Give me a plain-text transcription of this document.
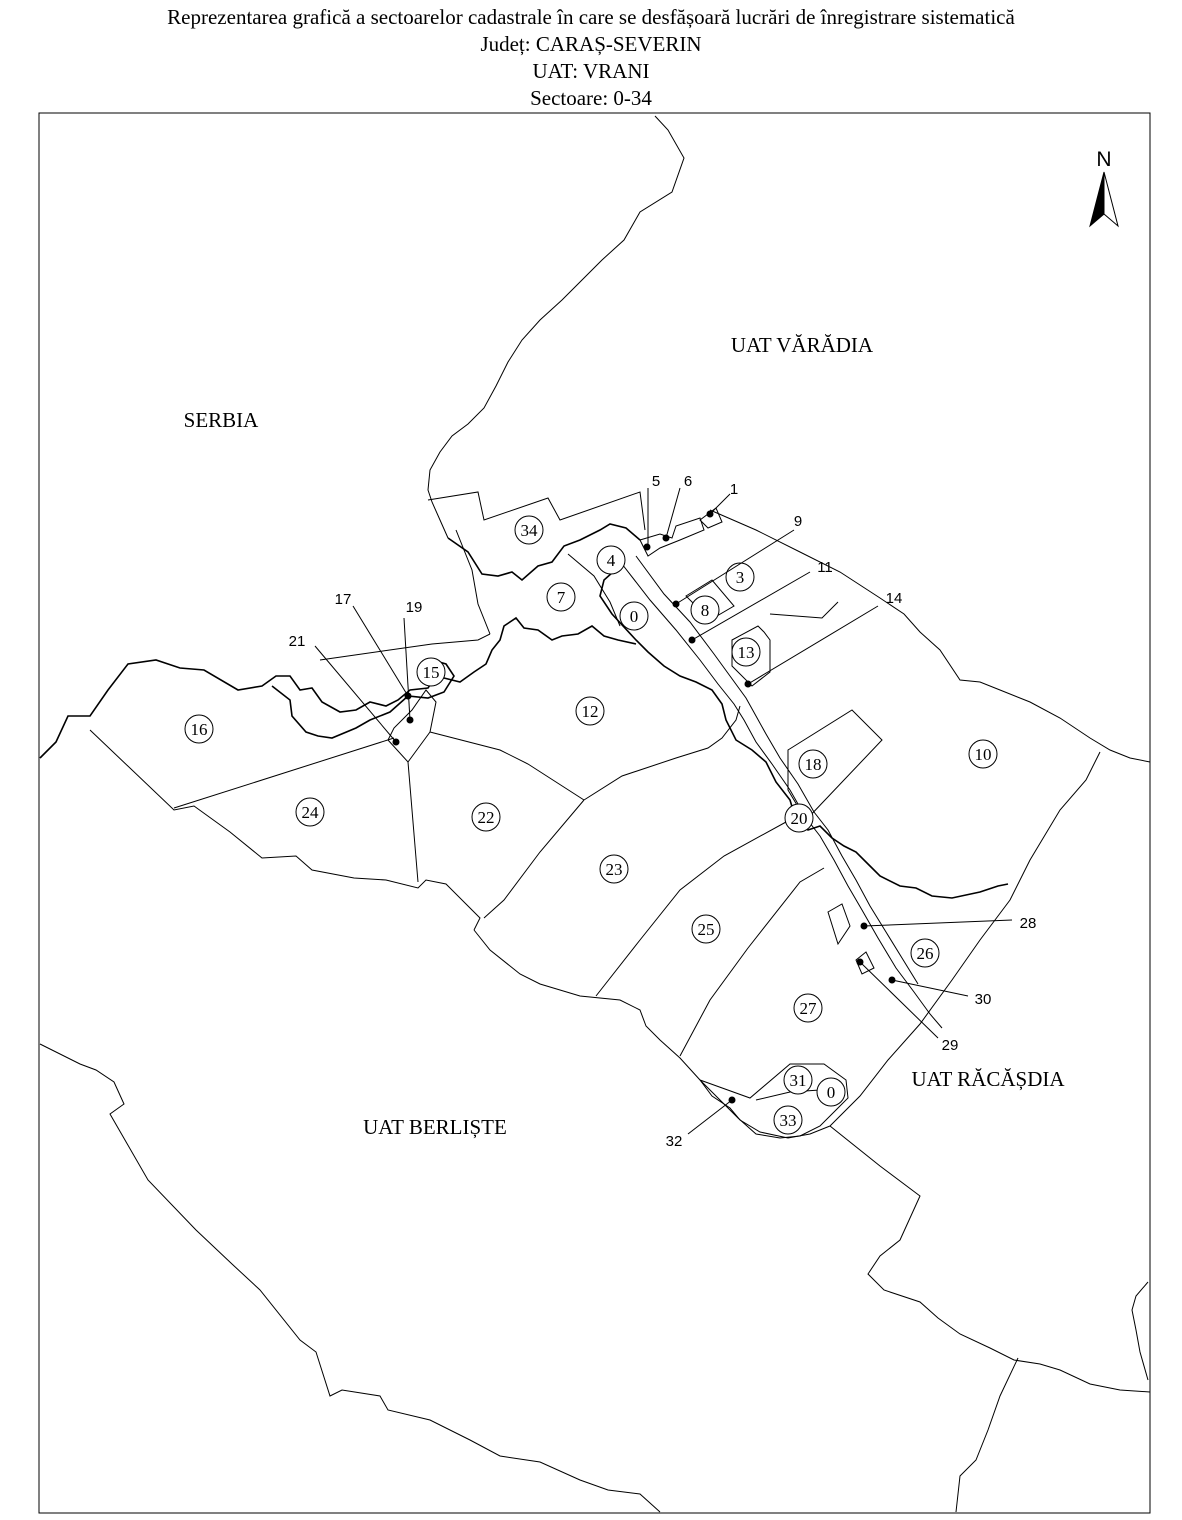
Reprezentarea grafică a sectoarelor cadastrale în care se desfășoară lucrări de înregistrare sistematică
Județ: CARAȘ-SEVERIN
UAT: VRANI
Sectoare: 0-34
N
SERBIA
UAT VĂRĂDIA
UAT RĂCĂȘDIA
UAT BERLIȘTE
34
4
3
7
0	8
13
15
16
12
18
10
20
24	22
23
25
26
27
31
0
33
5 6	1
9
11
14
17	19
21
28
30
29
32
